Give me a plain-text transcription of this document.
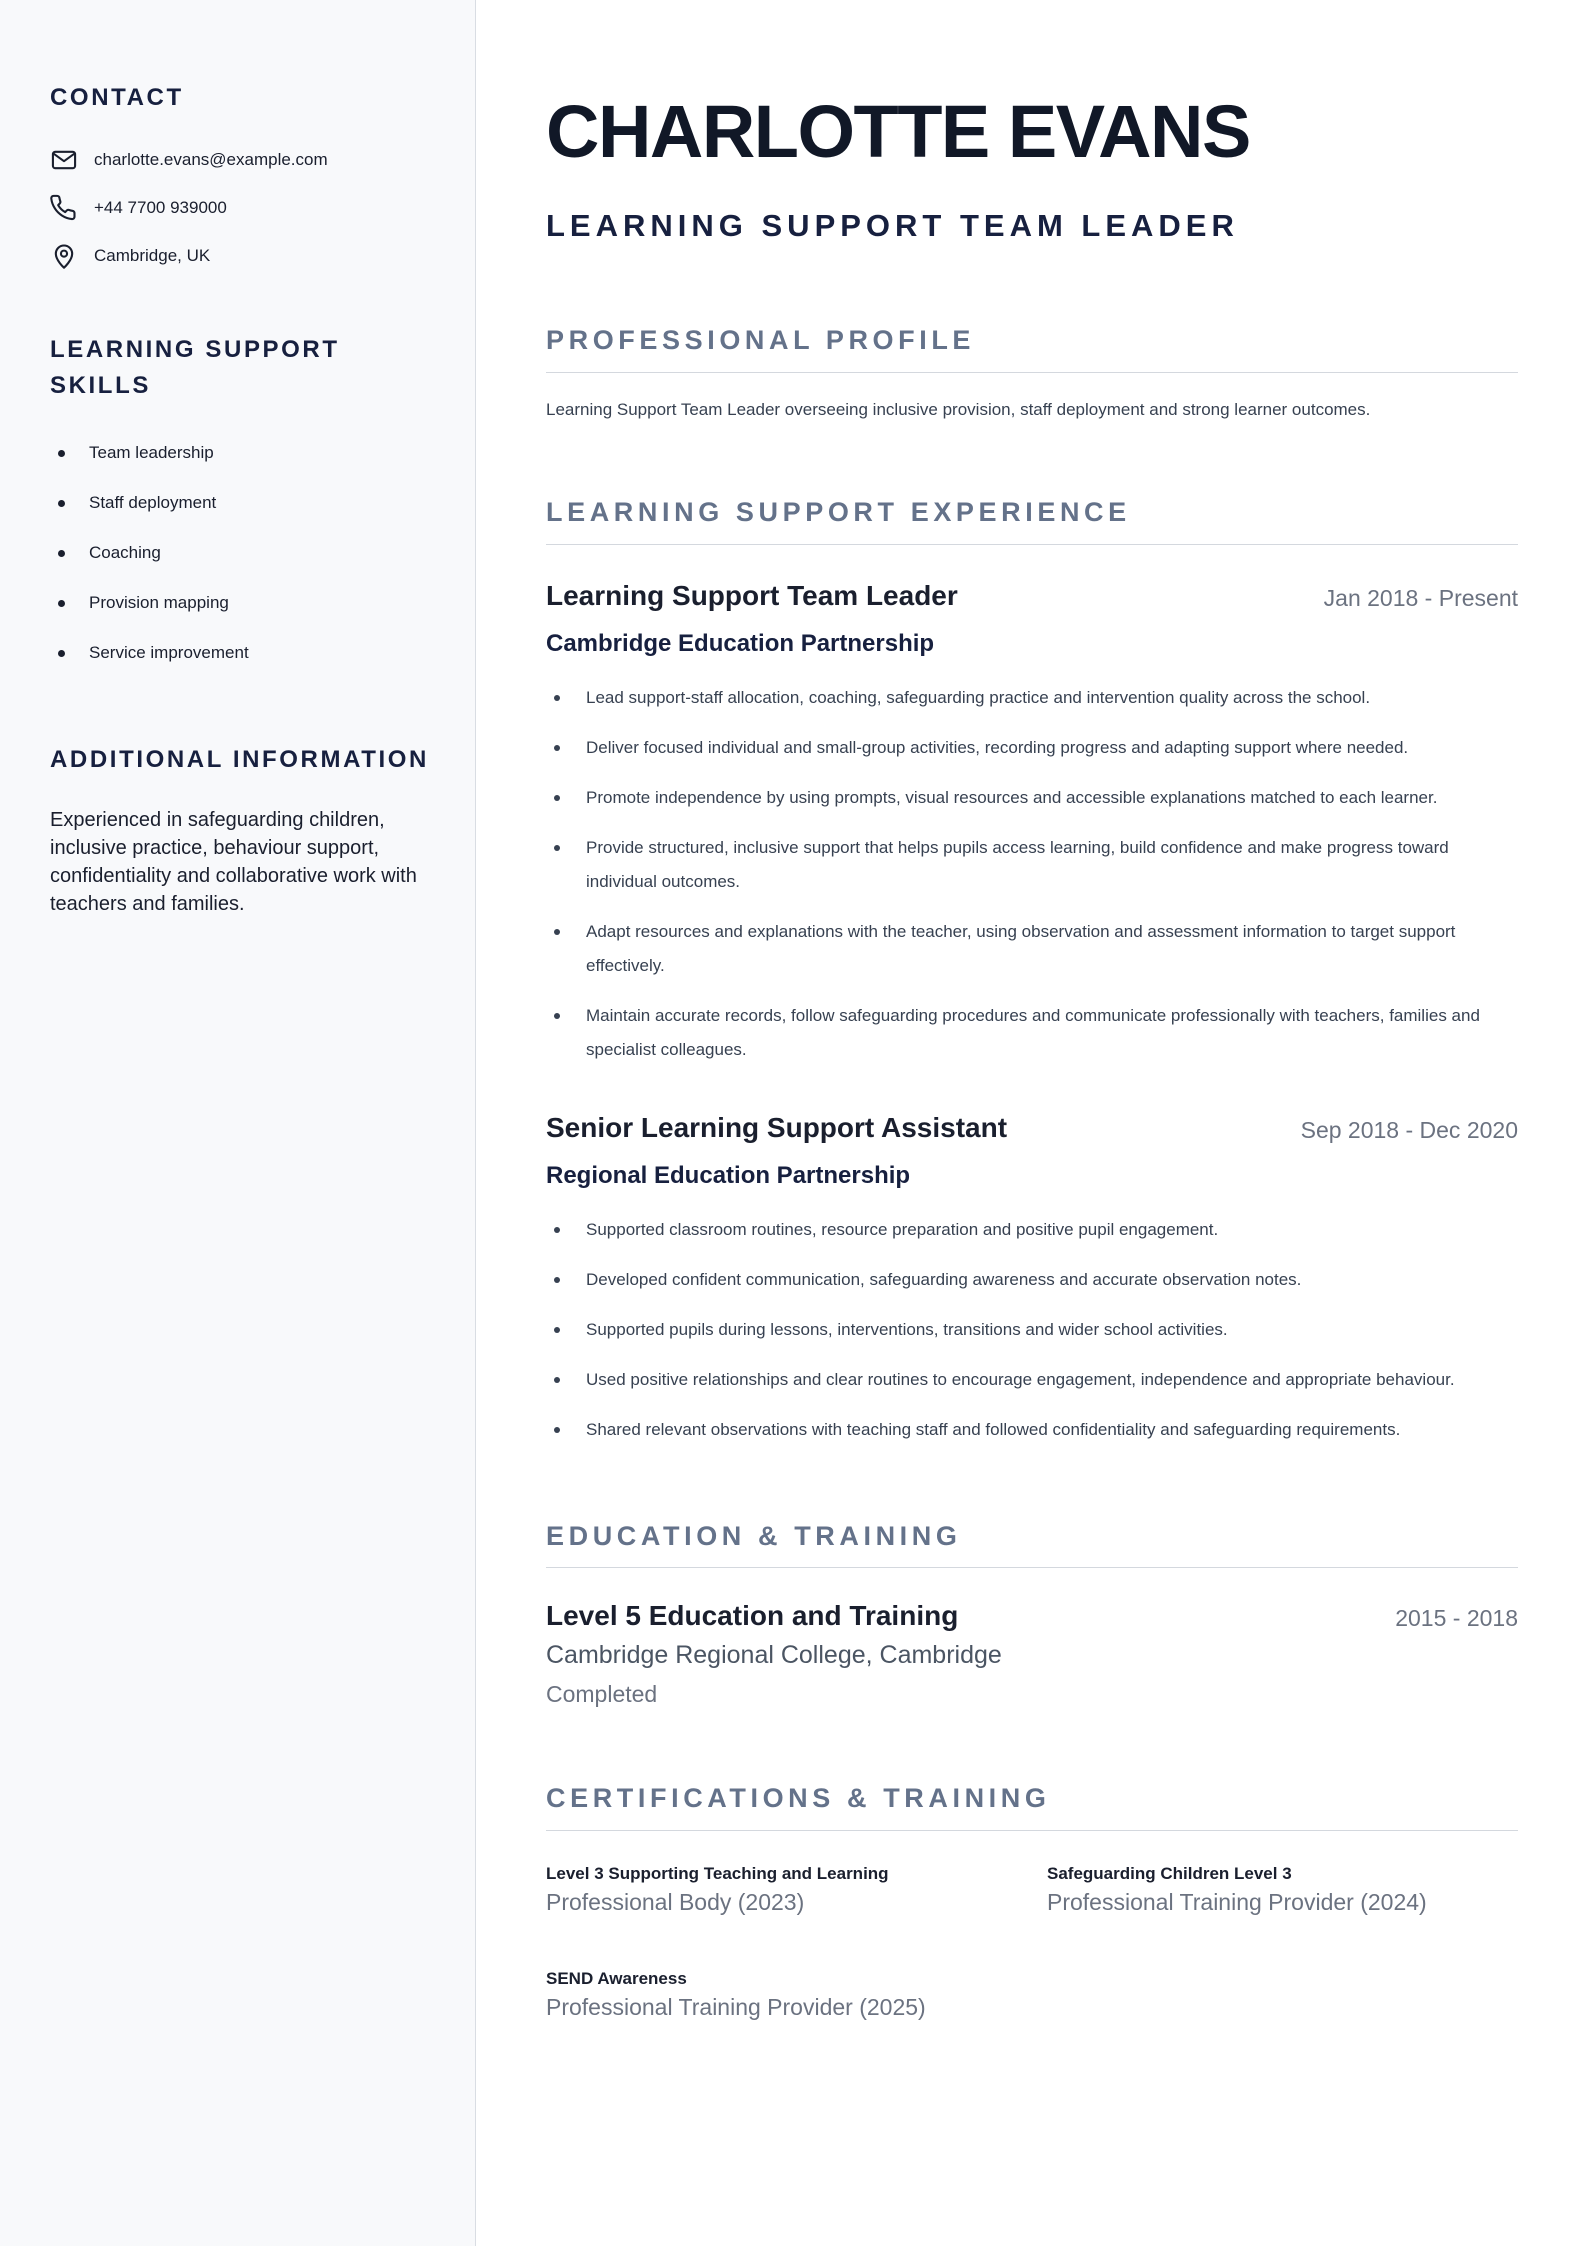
CONTACT
charlotte.evans@example.com
+44 7700 939000
Cambridge, UK
LEARNING SUPPORT
SKILLS
Team leadership
Staff deployment
Coaching
Provision mapping
Service improvement
ADDITIONAL INFORMATION
Experienced in safeguarding children,
inclusive practice, behaviour support,
confidentiality and collaborative work with
teachers and families.
CHARLOTTE EVANS
LEARNING SUPPORT TEAM LEADER
PROFESSIONAL PROFILE
Learning Support Team Leader overseeing inclusive provision, staff deployment and strong learner outcomes.
LEARNING SUPPORT EXPERIENCE
Learning Support Team Leader	Jan 2018 - Present
Cambridge Education Partnership
Lead support-staff allocation, coaching, safeguarding practice and intervention quality across the school.
Deliver focused individual and small-group activities, recording progress and adapting support where needed.
Promote independence by using prompts, visual resources and accessible explanations matched to each learner.
Provide structured, inclusive support that helps pupils access learning, build confidence and make progress toward
individual outcomes.
Adapt resources and explanations with the teacher, using observation and assessment information to target support
effectively.
Maintain accurate records, follow safeguarding procedures and communicate professionally with teachers, families and
specialist colleagues.
Senior Learning Support Assistant	Sep 2018 - Dec 2020
Regional Education Partnership
Supported classroom routines, resource preparation and positive pupil engagement.
Developed confident communication, safeguarding awareness and accurate observation notes.
Supported pupils during lessons, interventions, transitions and wider school activities.
Used positive relationships and clear routines to encourage engagement, independence and appropriate behaviour.
Shared relevant observations with teaching staff and followed confidentiality and safeguarding requirements.
EDUCATION & TRAINING
Level 5 Education and Training	2015 - 2018
Cambridge Regional College, Cambridge
Completed
CERTIFICATIONS & TRAINING
Level 3 Supporting Teaching and Learning
Professional Body (2023)
Safeguarding Children Level 3
Professional Training Provider (2024)
SEND Awareness
Professional Training Provider (2025)
